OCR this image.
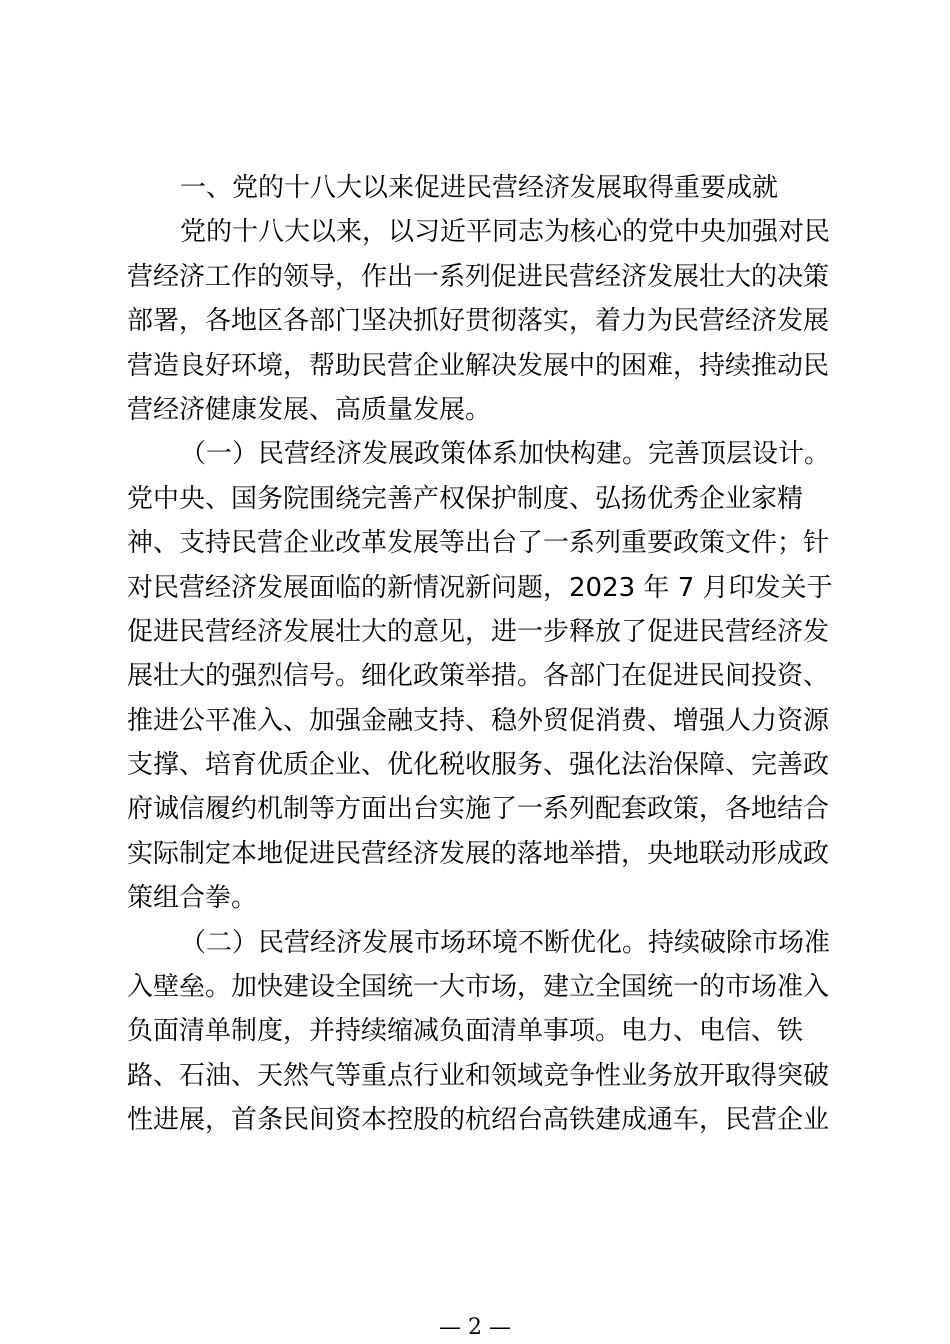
一、党的十八大以来促进民营经济发展取得重要成就
党的十八大以来，以习近平同志为核心的党中央加强对民
营经济工作的领导，作出一系列促进民营经济发展壮大的决策
部署，各地区各部门坚决抓好贯彻落实，着力为民营经济发展
营造良好环境，帮助民营企业解决发展中的困难，持续推动民
营经济健康发展、高质量发展。
（一）民营经济发展政策体系加快构建。完善顶层设计。
党中央、国务院围绕完善产权保护制度、弘扬优秀企业家精
神、支持民营企业改革发展等出台了一系列重要政策文件；针
对民营经济发展面临的新情况新问题，2023 年 7 月印发关于
促进民营经济发展壮大的意见，进一步释放了促进民营经济发
展壮大的强烈信号。细化政策举措。各部门在促进民间投资、
推进公平准入、加强金融支持、稳外贸促消费、增强人力资源
支撑、培育优质企业、优化税收服务、强化法治保障、完善政
府诚信履约机制等方面出台实施了一系列配套政策，各地结合
实际制定本地促进民营经济发展的落地举措，央地联动形成政
策组合拳。
（二）民营经济发展市场环境不断优化。持续破除市场准
入壁垒。加快建设全国统一大市场，建立全国统一的市场准入
负面清单制度，并持续缩减负面清单事项。电力、电信、铁
路、石油、天然气等重点行业和领域竞争性业务放开取得突破
性进展，首条民间资本控股的杭绍台高铁建成通车，民营企业
— 2 —
